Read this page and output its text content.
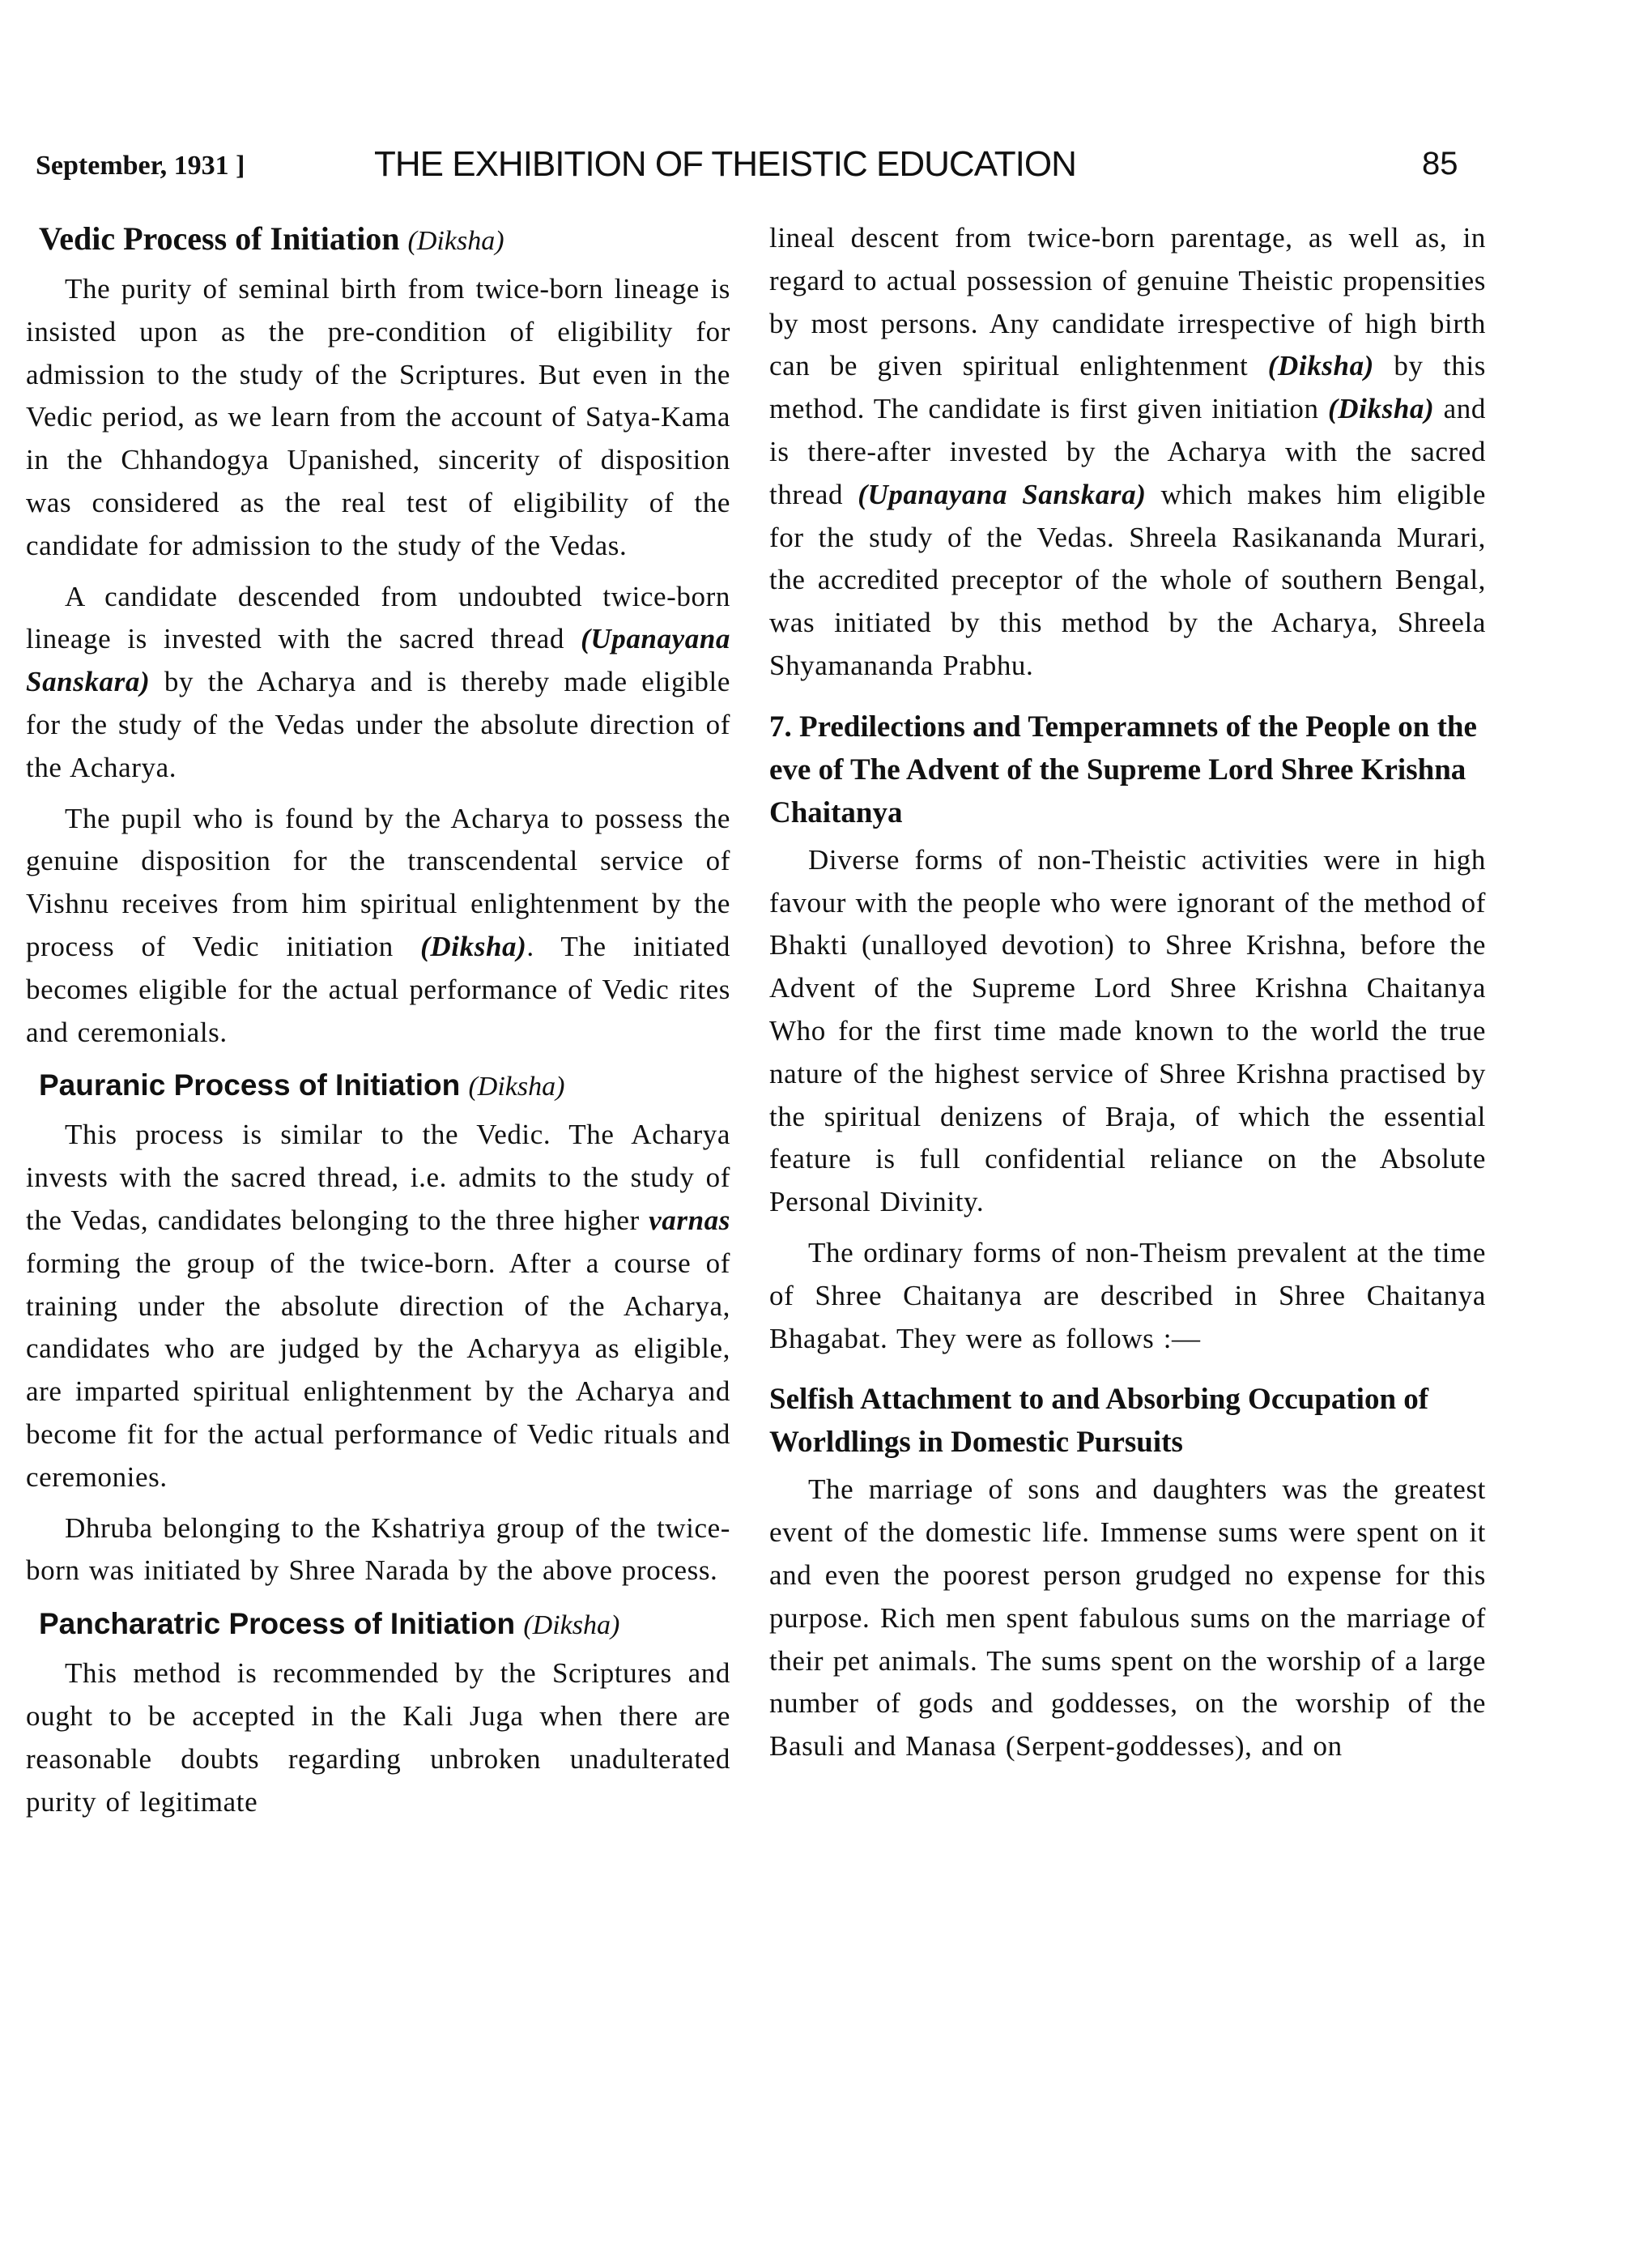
September, 1931 ]	THE EXHIBITION OF THEISTIC EDUCATION	85
Vedic Process of Initiation (Diksha)

The purity of seminal birth from twice-born lineage is insisted upon as the pre-condition of eligibility for admission to the study of the Scriptures. But even in the Vedic period, as we learn from the account of Satya-Kama in the Chhandogya Upanished, sincerity of disposition was considered as the real test of eligibility of the candidate for admission to the study of the Vedas.

A candidate descended from undoubted twice-born lineage is invested with the sacred thread (Upanayana Sanskara) by the Acharya and is thereby made eligible for the study of the Vedas under the absolute direction of the Acharya.

The pupil who is found by the Acharya to possess the genuine disposition for the transcendental service of Vishnu receives from him spiritual enlightenment by the process of Vedic initiation (Diksha). The initiated becomes eligible for the actual performance of Vedic rites and ceremonials.

Pauranic Process of Initiation (Diksha)

This process is similar to the Vedic. The Acharya invests with the sacred thread, i.e. admits to the study of the Vedas, candidates belonging to the three higher varnas forming the group of the twice-born. After a course of training under the absolute direction of the Acharya, candidates who are judged by the Acharyya as eligible, are imparted spiritual enlightenment by the Acharya and become fit for the actual performance of Vedic rituals and ceremonies.

Dhruba belonging to the Kshatriya group of the twice-born was initiated by Shree Narada by the above process.

Pancharatric Process of Initiation (Diksha)

This method is recommended by the Scriptures and ought to be accepted in the Kali Juga when there are reasonable doubts regarding unbroken unadulterated purity of legitimate

lineal descent from twice-born parentage, as well as, in regard to actual possession of genuine Theistic propensities by most persons. Any candidate irrespective of high birth can be given spiritual enlightenment (Diksha) by this method. The candidate is first given initiation (Diksha) and is there-after invested by the Acharya with the sacred thread (Upanayana Sanskara) which makes him eligible for the study of the Vedas. Shreela Rasikananda Murari, the accredited preceptor of the whole of southern Bengal, was initiated by this method by the Acharya, Shreela Shyamananda Prabhu.

7. Predilections and Temperamnets of the People on the eve of The Advent of the Supreme Lord Shree Krishna Chaitanya

Diverse forms of non-Theistic activities were in high favour with the people who were ignorant of the method of Bhakti (unalloyed devotion) to Shree Krishna, before the Advent of the Supreme Lord Shree Krishna Chaitanya Who for the first time made known to the world the true nature of the highest service of Shree Krishna practised by the spiritual denizens of Braja, of which the essential feature is full confidential reliance on the Absolute Personal Divinity.

The ordinary forms of non-Theism prevalent at the time of Shree Chaitanya are described in Shree Chaitanya Bhagabat. They were as follows :—

Selfish Attachment to and Absorbing Occupation of Worldlings in Domestic Pursuits

The marriage of sons and daughters was the greatest event of the domestic life. Immense sums were spent on it and even the poorest person grudged no expense for this purpose. Rich men spent fabulous sums on the marriage of their pet animals. The sums spent on the worship of a large number of gods and goddesses, on the worship of the Basuli and Manasa (Serpent-goddesses), and on
